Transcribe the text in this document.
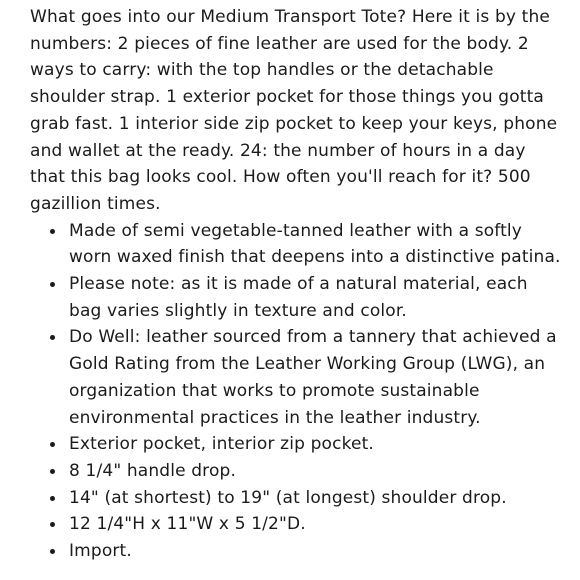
What goes into our Medium Transport Tote? Here it is by the numbers: 2 pieces of fine leather are used for the body. 2 ways to carry: with the top handles or the detachable shoulder strap. 1 exterior pocket for those things you gotta grab fast. 1 interior side zip pocket to keep your keys, phone and wallet at the ready. 24: the number of hours in a day that this bag looks cool. How often you'll reach for it? 500 gazillion times.

Made of semi vegetable-tanned leather with a softly worn waxed finish that deepens into a distinctive patina.
Please note: as it is made of a natural material, each bag varies slightly in texture and color.
Do Well: leather sourced from a tannery that achieved a Gold Rating from the Leather Working Group (LWG), an organization that works to promote sustainable environmental practices in the leather industry.
Exterior pocket, interior zip pocket.
8 1/4" handle drop.
14" (at shortest) to 19" (at longest) shoulder drop.
12 1/4"H x 11"W x 5 1/2"D.
Import.
